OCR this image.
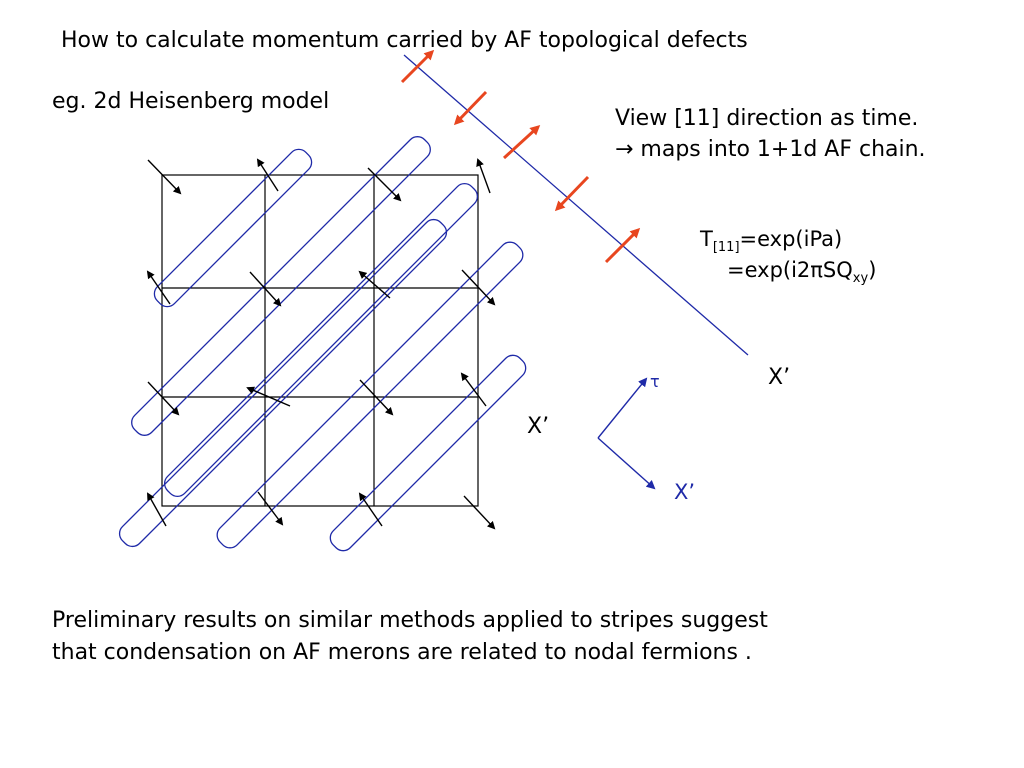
How to calculate momentum carried by AF topological defects
eg. 2d Heisenberg model
View [11] direction as time.
→ maps into 1+1d AF chain.
$T_{[11]}=\exp(iPa)$
=exp(i2πSQ$_{xy}$)
X’
X’
τ
X’
Preliminary results on similar methods applied to stripes suggest
that condensation on AF merons are related to nodal fermions .
